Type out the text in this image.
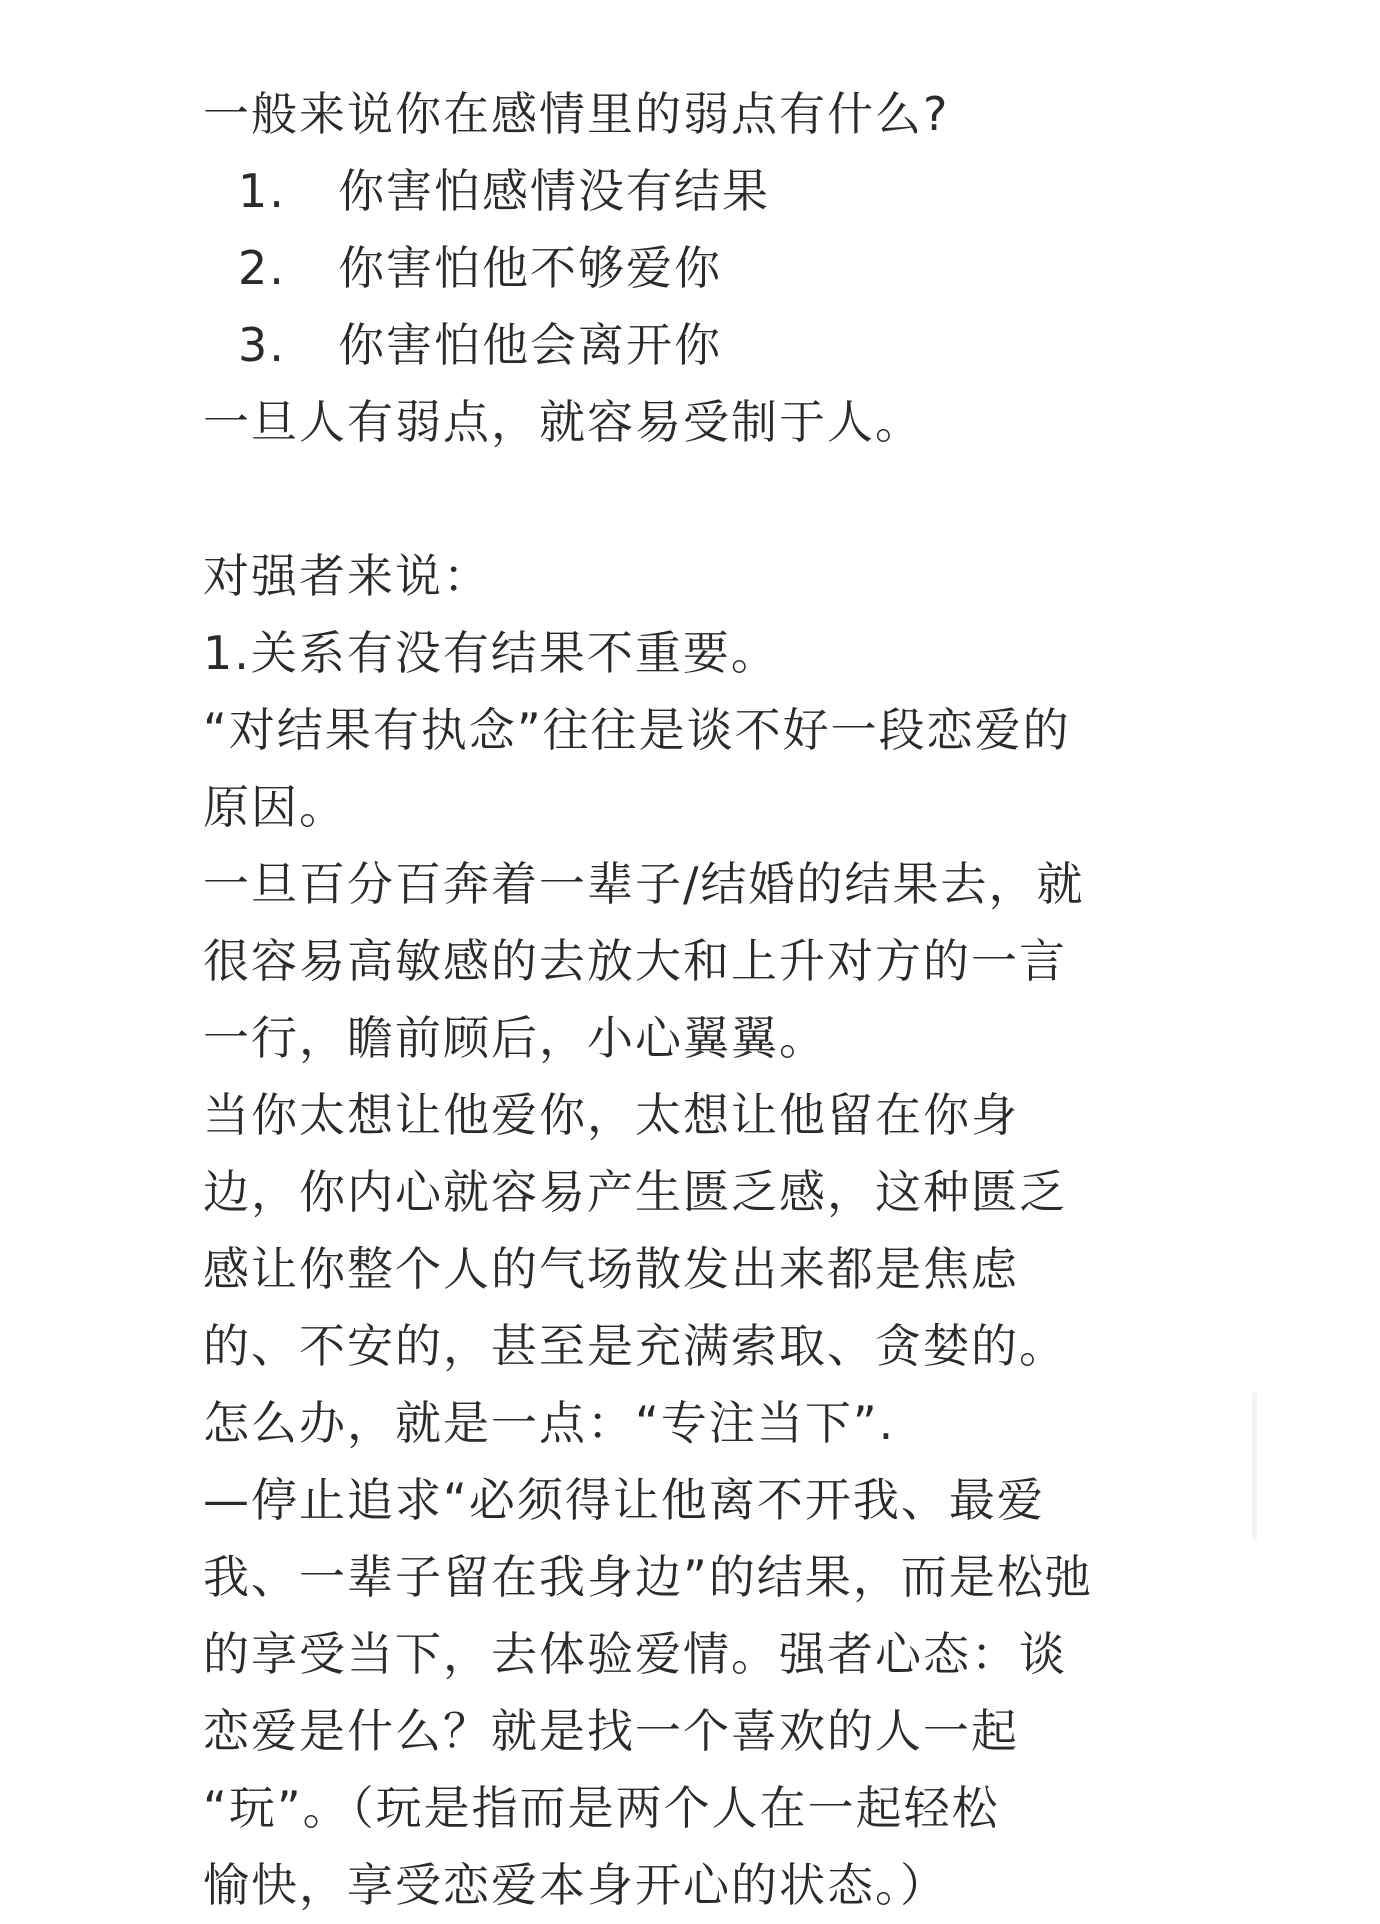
一般来说你在感情里的弱点有什么?
1. 你害怕感情没有结果
2. 你害怕他不够爱你
3. 你害怕他会离开你
一旦人有弱点，就容易受制于人。
对强者来说：
1.关系有没有结果不重要。
“对结果有执念”往往是谈不好一段恋爱的
原因。
一旦百分百奔着一辈子/结婚的结果去，就
很容易高敏感的去放大和上升对方的一言
一行，瞻前顾后，小心翼翼。
当你太想让他爱你，太想让他留在你身
边，你内心就容易产生匮乏感，这种匮乏
感让你整个人的气场散发出来都是焦虑
的、不安的，甚至是充满索取、贪婪的。
怎么办，就是一点：“专注当下”.
—停止追求“必须得让他离不开我、最爱
我、一辈子留在我身边”的结果，而是松弛
的享受当下，去体验爱情。强者心态：谈
恋爱是什么？就是找一个喜欢的人一起
“玩”。（玩是指而是两个人在一起轻松
愉快，享受恋爱本身开心的状态。）
